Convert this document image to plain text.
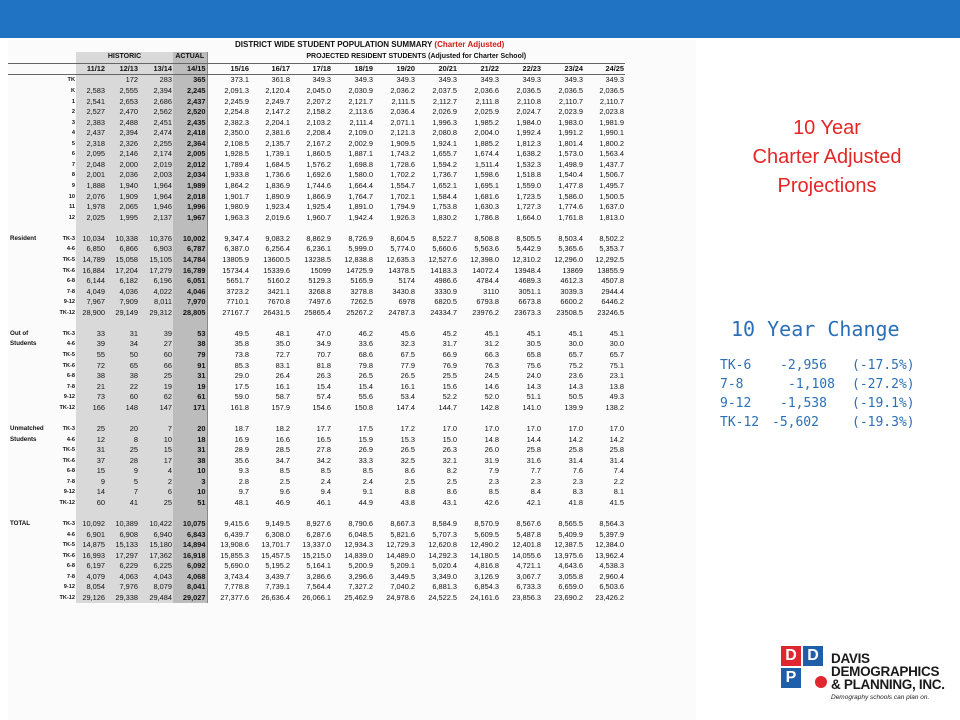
DISTRICT WIDE STUDENT POPULATION SUMMARY (Charter Adjusted)
		HISTORIC			ACTUAL	PROJECTED RESIDENT STUDENTS (Adjusted for Charter School)									
		11/12	12/13	13/14	14/15	15/16	16/17	17/18	18/19	19/20	20/21	21/22	22/23	23/24	24/25
	TK		172	283	365	373.1	361.8	349.3	349.3	349.3	349.3	349.3	349.3	349.3	349.3
	K	2,583	2,555	2,394	2,245	2,091.3	2,120.4	2,045.0	2,030.9	2,036.2	2,037.5	2,036.6	2,036.5	2,036.5	2,036.5
	1	2,541	2,653	2,686	2,437	2,245.9	2,249.7	2,207.2	2,121.7	2,111.5	2,112.7	2,111.8	2,110.8	2,110.7	2,110.7
	2	2,527	2,470	2,562	2,520	2,254.8	2,147.2	2,158.2	2,113.6	2,036.4	2,026.9	2,025.9	2,024.7	2,023.9	2,023.8
	3	2,383	2,488	2,451	2,435	2,382.3	2,204.1	2,103.2	2,111.4	2,071.1	1,996.3	1,985.2	1,984.0	1,983.0	1,981.9
	4	2,437	2,394	2,474	2,418	2,350.0	2,381.6	2,208.4	2,109.0	2,121.3	2,080.8	2,004.0	1,992.4	1,991.2	1,990.1
	5	2,318	2,326	2,255	2,364	2,108.5	2,135.7	2,167.2	2,002.9	1,909.5	1,924.1	1,885.2	1,812.3	1,801.4	1,800.2
	6	2,095	2,146	2,174	2,005	1,928.5	1,739.1	1,860.5	1,887.1	1,743.2	1,655.7	1,674.4	1,638.2	1,573.0	1,563.4
	7	2,048	2,000	2,019	2,012	1,789.4	1,684.5	1,576.2	1,698.8	1,728.6	1,594.2	1,511.4	1,532.3	1,498.9	1,437.7
	8	2,001	2,036	2,003	2,034	1,933.8	1,736.6	1,692.6	1,580.0	1,702.2	1,736.7	1,598.6	1,518.8	1,540.4	1,506.7
	9	1,888	1,940	1,964	1,989	1,864.2	1,836.9	1,744.6	1,664.4	1,554.7	1,652.1	1,695.1	1,559.0	1,477.8	1,495.7
	10	2,076	1,909	1,964	2,018	1,901.7	1,890.9	1,866.9	1,764.7	1,702.1	1,584.4	1,681.6	1,723.5	1,586.0	1,500.5
	11	1,978	2,065	1,946	1,996	1,980.9	1,923.4	1,925.4	1,891.0	1,794.9	1,753.8	1,630.3	1,727.3	1,774.6	1,637.0
	12	2,025	1,995	2,137	1,967	1,963.3	2,019.6	1,960.7	1,942.4	1,926.3	1,830.2	1,786.8	1,664.0	1,761.8	1,813.0

Resident	TK-3	10,034	10,338	10,376	10,002	9,347.4	9,083.2	8,862.9	8,726.9	8,604.5	8,522.7	8,508.8	8,505.5	8,503.4	8,502.2
	4-6	6,850	6,866	6,903	6,787	6,387.0	6,256.4	6,236.1	5,999.0	5,774.0	5,660.6	5,563.6	5,442.9	5,365.6	5,353.7
	TK-5	14,789	15,058	15,105	14,784	13805.9	13600.5	13238.5	12,838.8	12,635.3	12,527.6	12,398.0	12,310.2	12,296.0	12,292.5
	TK-6	16,884	17,204	17,279	16,789	15734.4	15339.6	15099	14725.9	14378.5	14183.3	14072.4	13948.4	13869	13855.9
	6-8	6,144	6,182	6,196	6,051	5651.7	5160.2	5129.3	5165.9	5174	4986.6	4784.4	4689.3	4612.3	4507.8
	7-8	4,049	4,036	4,022	4,046	3723.2	3421.1	3268.8	3278.8	3430.8	3330.9	3110	3051.1	3039.3	2944.4
	9-12	7,967	7,909	8,011	7,970	7710.1	7670.8	7497.6	7262.5	6978	6820.5	6793.8	6673.8	6600.2	6446.2
	TK-12	28,900	29,149	29,312	28,805	27167.7	26431.5	25865.4	25267.2	24787.3	24334.7	23976.2	23673.3	23508.5	23246.5

Out of	TK-3	33	31	39	53	49.5	48.1	47.0	46.2	45.6	45.2	45.1	45.1	45.1	45.1
Students	4-6	39	34	27	38	35.8	35.0	34.9	33.6	32.3	31.7	31.2	30.5	30.0	30.0
	TK-5	55	50	60	79	73.8	72.7	70.7	68.6	67.5	66.9	66.3	65.8	65.7	65.7
	TK-6	72	65	66	91	85.3	83.1	81.8	79.8	77.9	76.9	76.3	75.6	75.2	75.1
	6-8	38	38	25	31	29.0	26.4	26.3	26.5	26.5	25.5	24.5	24.0	23.6	23.1
	7-8	21	22	19	19	17.5	16.1	15.4	15.4	16.1	15.6	14.6	14.3	14.3	13.8
	9-12	73	60	62	61	59.0	58.7	57.4	55.6	53.4	52.2	52.0	51.1	50.5	49.3
	TK-12	166	148	147	171	161.8	157.9	154.6	150.8	147.4	144.7	142.8	141.0	139.9	138.2

Unmatched	TK-3	25	20	7	20	18.7	18.2	17.7	17.5	17.2	17.0	17.0	17.0	17.0	17.0
Students	4-6	12	8	10	18	16.9	16.6	16.5	15.9	15.3	15.0	14.8	14.4	14.2	14.2
	TK-5	31	25	15	31	28.9	28.5	27.8	26.9	26.5	26.3	26.0	25.8	25.8	25.8
	TK-6	37	28	17	38	35.6	34.7	34.2	33.3	32.5	32.1	31.9	31.6	31.4	31.4
	6-8	15	9	4	10	9.3	8.5	8.5	8.5	8.6	8.2	7.9	7.7	7.6	7.4
	7-8	9	5	2	3	2.8	2.5	2.4	2.4	2.5	2.5	2.3	2.3	2.3	2.2
	9-12	14	7	6	10	9.7	9.6	9.4	9.1	8.8	8.6	8.5	8.4	8.3	8.1
	TK-12	60	41	25	51	48.1	46.9	46.1	44.9	43.8	43.1	42.6	42.1	41.8	41.5

TOTAL	TK-3	10,092	10,389	10,422	10,075	9,415.6	9,149.5	8,927.6	8,790.6	8,667.3	8,584.9	8,570.9	8,567.6	8,565.5	8,564.3
	4-6	6,901	6,908	6,940	6,843	6,439.7	6,308.0	6,287.6	6,048.5	5,821.6	5,707.3	5,609.5	5,487.8	5,409.9	5,397.9
	TK-5	14,875	15,133	15,180	14,894	13,908.6	13,701.7	13,337.0	12,934.3	12,729.3	12,620.8	12,490.2	12,401.8	12,387.5	12,384.0
	TK-6	16,993	17,297	17,362	16,918	15,855.3	15,457.5	15,215.0	14,839.0	14,489.0	14,292.3	14,180.5	14,055.6	13,975.6	13,962.4
	6-8	6,197	6,229	6,225	6,092	5,690.0	5,195.2	5,164.1	5,200.9	5,209.1	5,020.4	4,816.8	4,721.1	4,643.6	4,538.3
	7-8	4,079	4,063	4,043	4,068	3,743.4	3,439.7	3,286.6	3,296.6	3,449.5	3,349.0	3,126.9	3,067.7	3,055.8	2,960.4
	9-12	8,054	7,976	8,079	8,041	7,778.8	7,739.1	7,564.4	7,327.2	7,040.2	6,881.3	6,854.3	6,733.3	6,659.0	6,503.6
	TK-12	29,126	29,338	29,484	29,027	27,377.6	26,636.4	26,066.1	25,462.9	24,978.6	24,522.5	24,161.6	23,856.3	23,690.2	23,426.2
10 Year
Charter Adjusted
Projections
10 Year Change
TK-6 -2,956 (-17.5%)
7-8	-1,108 (-27.2%)
9-12 -1,538 (-19.1%)
TK-12 -5,602	(-19.3%)
D D
P
DAVIS
DEMOGRAPHICS
& PLANNING, INC.
Demography schools can plan on.
